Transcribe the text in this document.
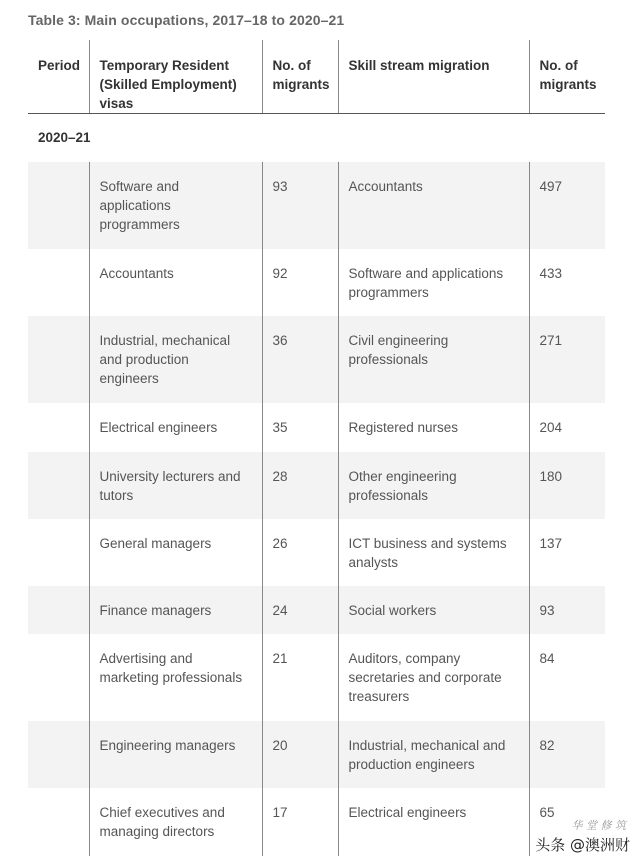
Table 3: Main occupations, 2017–18 to 2020–21
Period	Temporary Resident (Skilled Employment) visas	No. of migrants	Skill stream migration	No. of migrants
2020–21				
	Software and applications programmers	93	Accountants	497
	Accountants	92	Software and applications programmers	433
	Industrial, mechanical and production engineers	36	Civil engineering professionals	271
	Electrical engineers	35	Registered nurses	204
	University lecturers and tutors	28	Other engineering professionals	180
	General managers	26	ICT business and systems analysts	137
	Finance managers	24	Social workers	93
	Advertising and marketing professionals	21	Auditors, company secretaries and corporate treasurers	84
	Engineering managers	20	Industrial, mechanical and production engineers	82
	Chief executives and managing directors	17	Electrical engineers	65
华 堂 修 筑
头条 @澳洲财
